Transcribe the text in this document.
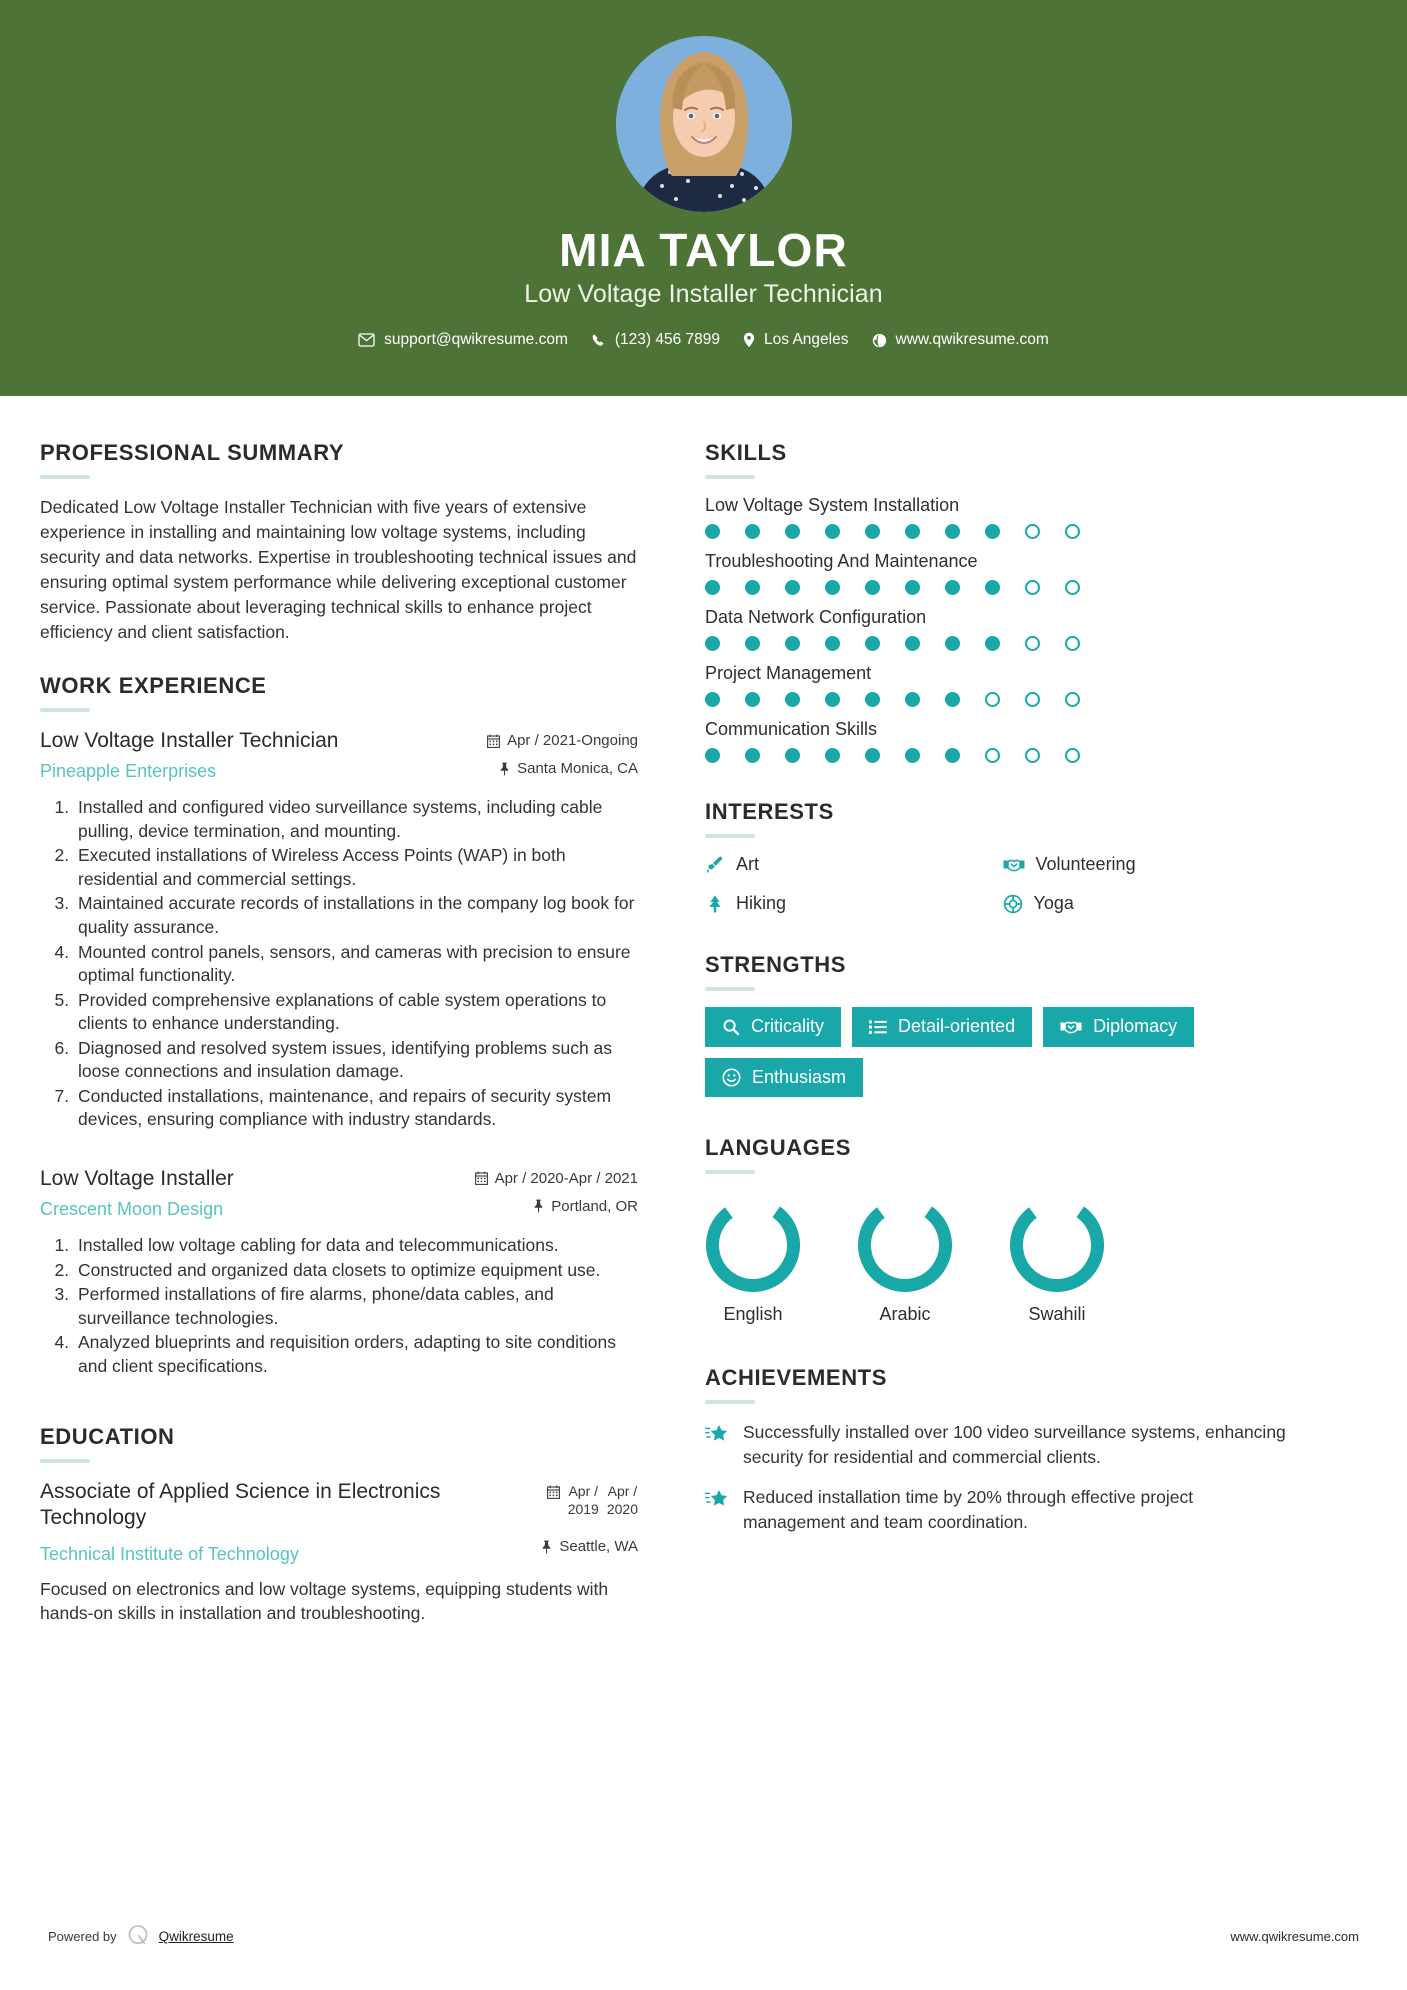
MIA TAYLOR
Low Voltage Installer Technician
support@qwikresume.com	(123) 456 7899	Los Angeles	www.qwikresume.com
PROFESSIONAL SUMMARY
Dedicated Low Voltage Installer Technician with five years of extensive experience in installing and maintaining low voltage systems, including security and data networks. Expertise in troubleshooting technical issues and ensuring optimal system performance while delivering exceptional customer service. Passionate about leveraging technical skills to enhance project efficiency and client satisfaction.
WORK EXPERIENCE
Low Voltage Installer Technician
Pineapple Enterprises
Apr / 2021-Ongoing
Santa Monica, CA
1. Installed and configured video surveillance systems, including cable pulling, device termination, and mounting.
2. Executed installations of Wireless Access Points (WAP) in both residential and commercial settings.
3. Maintained accurate records of installations in the company log book for quality assurance.
4. Mounted control panels, sensors, and cameras with precision to ensure optimal functionality.
5. Provided comprehensive explanations of cable system operations to clients to enhance understanding.
6. Diagnosed and resolved system issues, identifying problems such as loose connections and insulation damage.
7. Conducted installations, maintenance, and repairs of security system devices, ensuring compliance with industry standards.
Low Voltage Installer
Crescent Moon Design
Apr / 2020-Apr / 2021
Portland, OR
1. Installed low voltage cabling for data and telecommunications.
2. Constructed and organized data closets to optimize equipment use.
3. Performed installations of fire alarms, phone/data cables, and surveillance technologies.
4. Analyzed blueprints and requisition orders, adapting to site conditions and client specifications.
EDUCATION
Associate of Applied Science in Electronics Technology
Technical Institute of Technology
Apr /
2019
Apr /
2020
Seattle, WA
Focused on electronics and low voltage systems, equipping students with hands-on skills in installation and troubleshooting.
SKILLS
Low Voltage System Installation
Troubleshooting And Maintenance
Data Network Configuration
Project Management
Communication Skills
INTERESTS
Art	Volunteering
Hiking	Yoga
STRENGTHS
Criticality	Detail-oriented	Diplomacy
Enthusiasm
LANGUAGES
English	Arabic	Swahili
ACHIEVEMENTS
Successfully installed over 100 video surveillance systems, enhancing security for residential and commercial clients.
Reduced installation time by 20% through effective project management and team coordination.
Powered by	Qwikresume	www.qwikresume.com
